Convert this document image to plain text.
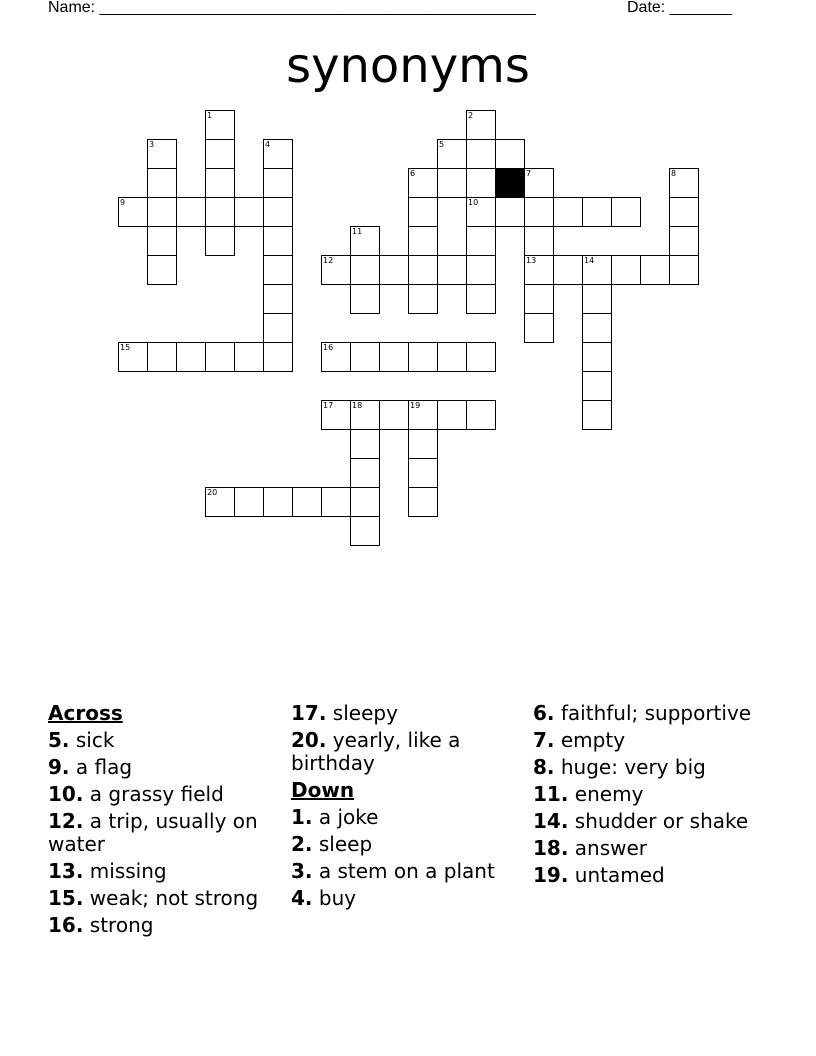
Name: _________________________________________________	Date: _______
synonyms
1	2
10
3	4	5
6	7
13
8
9
11
12	14
15	16
17 18	19
20
Across
5. sick
9. a flag
10. a grassy field
12. a trip, usually on water
13. missing
15. weak; not strong
16. strong
17. sleepy
20. yearly, like a birthday
Down
1. a joke
2. sleep
3. a stem on a plant
4. buy
6. faithful; supportive
7. empty
8. huge: very big
11. enemy
14. shudder or shake
18. answer
19. untamed
